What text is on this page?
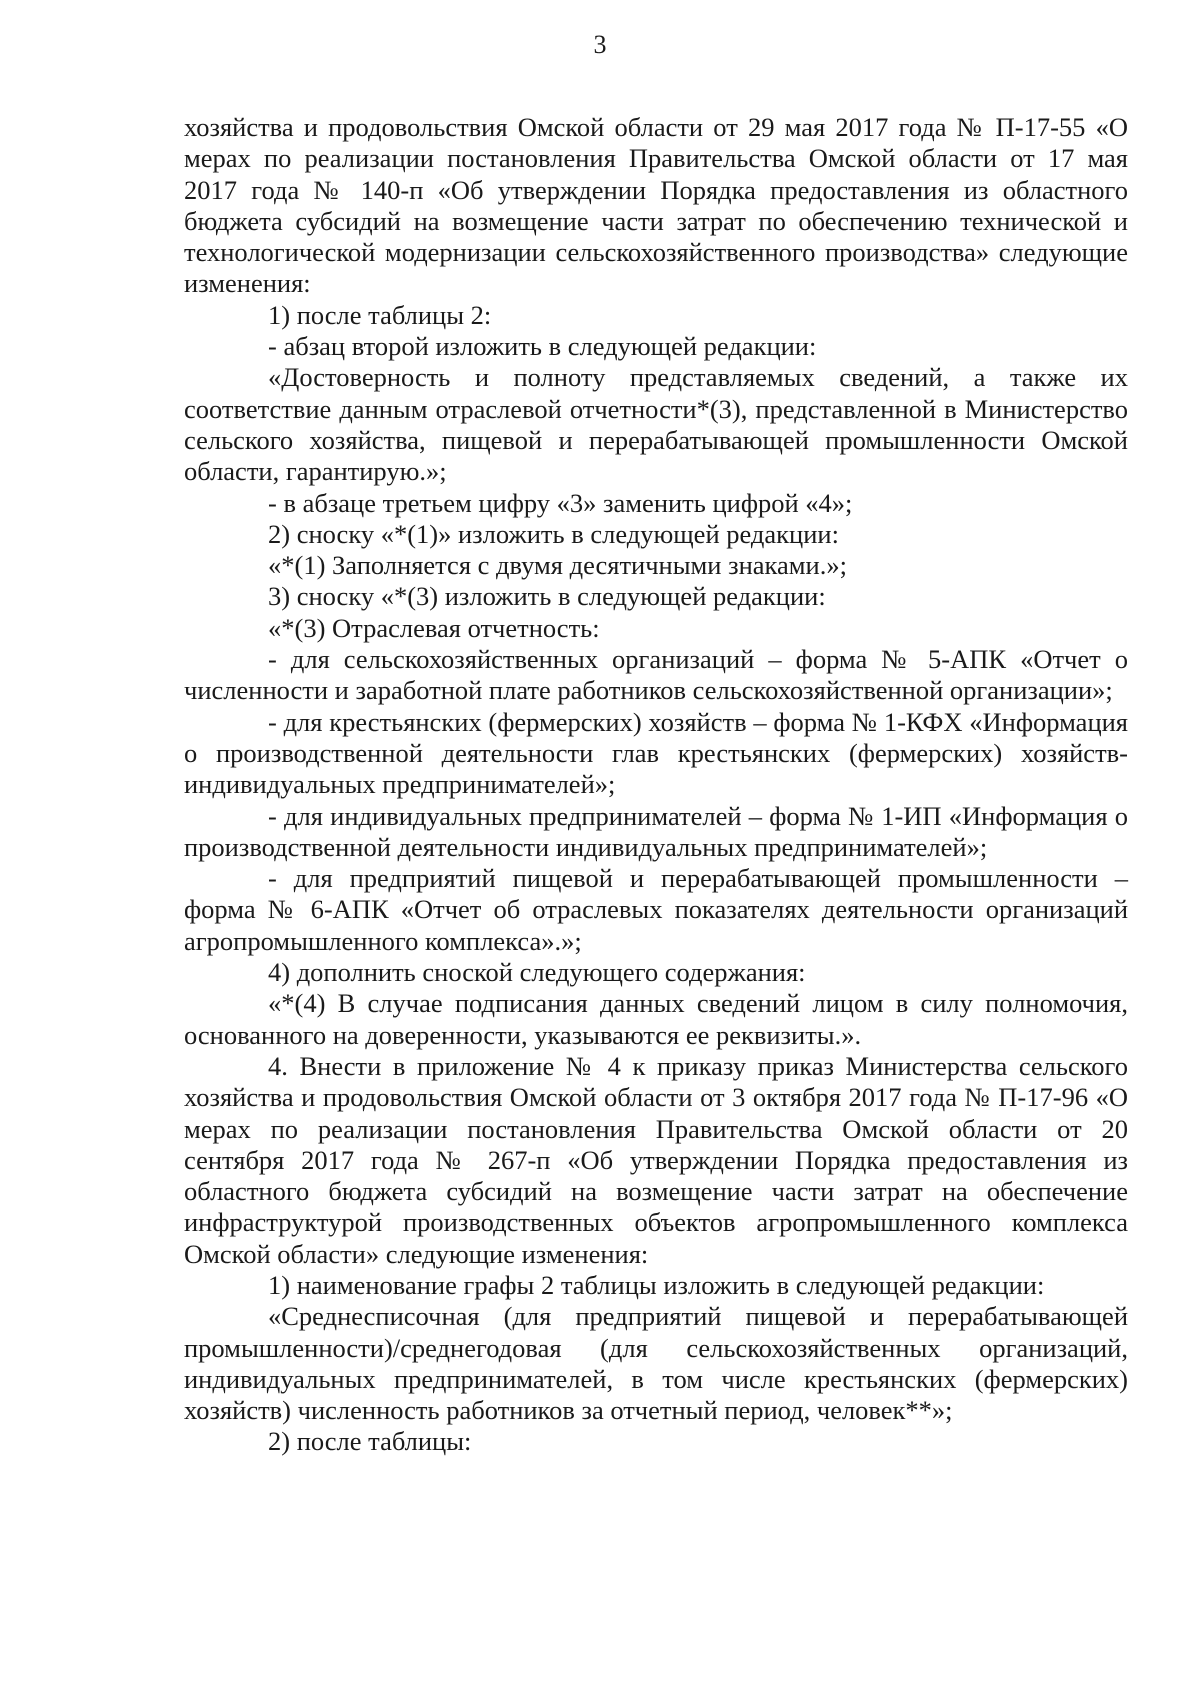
3

хозяйства и продовольствия Омской области от 29 мая 2017 года № П-17-55 «О мерах по реализации постановления Правительства Омской области от 17 мая 2017 года № 140-п «Об утверждении Порядка предоставления из областного бюджета субсидий на возмещение части затрат по обеспечению технической и технологической модернизации сельскохозяйственного производства» следующие изменения:

1) после таблицы 2:

- абзац второй изложить в следующей редакции:

«Достоверность и полноту представляемых сведений, а также их соответствие данным отраслевой отчетности*(3), представленной в Министерство сельского хозяйства, пищевой и перерабатывающей промышленности Омской области, гарантирую.»;

- в абзаце третьем цифру «3» заменить цифрой «4»;

2) сноску «*(1)» изложить в следующей редакции:

«*(1) Заполняется с двумя десятичными знаками.»;

3) сноску «*(3) изложить в следующей редакции:

«*(3) Отраслевая отчетность:

- для сельскохозяйственных организаций – форма № 5-АПК «Отчет о численности и заработной плате работников сельскохозяйственной организации»;

- для крестьянских (фермерских) хозяйств – форма № 1-КФХ «Информация о производственной деятельности глав крестьянских (фермерских) хозяйств-индивидуальных предпринимателей»;

- для индивидуальных предпринимателей – форма № 1-ИП «Информация о производственной деятельности индивидуальных предпринимателей»;

- для предприятий пищевой и перерабатывающей промышленности – форма № 6-АПК «Отчет об отраслевых показателях деятельности организаций агропромышленного комплекса».»;

4) дополнить сноской следующего содержания:

«*(4) В случае подписания данных сведений лицом в силу полномочия, основанного на доверенности, указываются ее реквизиты.».

4. Внести в приложение № 4 к приказу приказ Министерства сельского хозяйства и продовольствия Омской области от 3 октября 2017 года № П-17-96 «О мерах по реализации постановления Правительства Омской области от 20 сентября 2017 года № 267-п «Об утверждении Порядка предоставления из областного бюджета субсидий на возмещение части затрат на обеспечение инфраструктурой производственных объектов агропромышленного комплекса Омской области» следующие изменения:

1) наименование графы 2 таблицы изложить в следующей редакции:

«Среднесписочная (для предприятий пищевой и перерабатывающей промышленности)/среднегодовая (для сельскохозяйственных организаций, индивидуальных предпринимателей, в том числе крестьянских (фермерских) хозяйств) численность работников за отчетный период, человек**»;

2) после таблицы:
